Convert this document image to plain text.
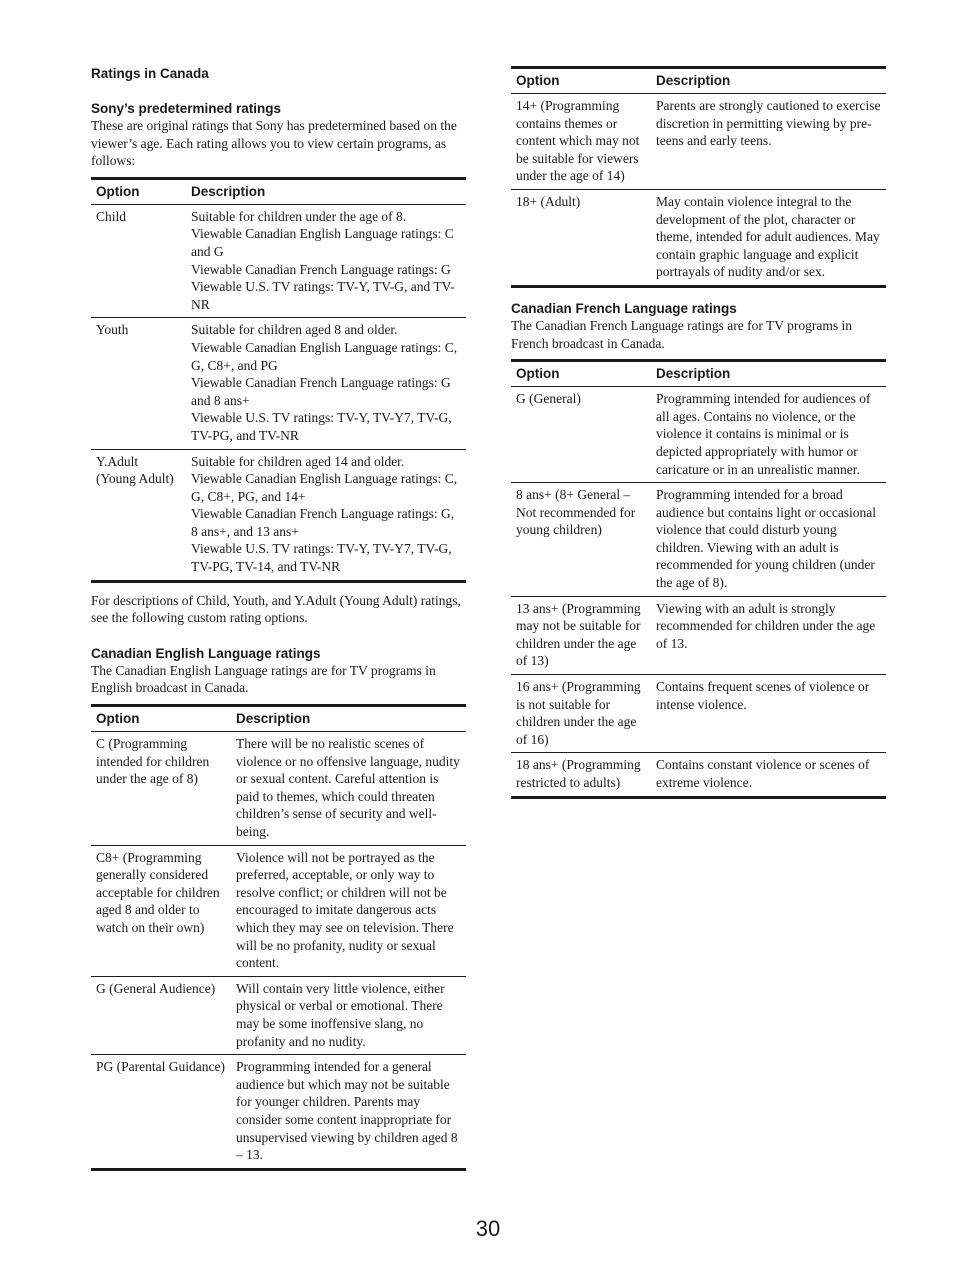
Ratings in Canada
Sony’s predetermined ratings

These are original ratings that Sony has predetermined based on the viewer’s age. Each rating allows you to view certain programs, as follows:

Option	Description
Child	Suitable for children under the age of 8.
Viewable Canadian English Language ratings: C and G
Viewable Canadian French Language ratings: G
Viewable U.S. TV ratings: TV-Y, TV-G, and TV-NR

Youth	Suitable for children aged 8 and older.
Viewable Canadian English Language ratings: C, G, C8+, and PG
Viewable Canadian French Language ratings: G and 8 ans+
Viewable U.S. TV ratings: TV-Y, TV-Y7, TV-G, TV-PG, and TV-NR

Y.Adult (Young Adult)	Suitable for children aged 14 and older.
Viewable Canadian English Language ratings: C, G, C8+, PG, and 14+
Viewable Canadian French Language ratings: G, 8 ans+, and 13 ans+
Viewable U.S. TV ratings: TV-Y, TV-Y7, TV-G, TV-PG, TV-14, and TV-NR

For descriptions of Child, Youth, and Y.Adult (Young Adult) ratings, see the following custom rating options.

Canadian English Language ratings

The Canadian English Language ratings are for TV programs in English broadcast in Canada.

Option	Description
C (Programming intended for children under the age of 8)	There will be no realistic scenes of violence or no offensive language, nudity or sexual content. Careful attention is paid to themes, which could threaten children’s sense of security and well-being.
C8+ (Programming generally considered acceptable for children aged 8 and older to watch on their own)	Violence will not be portrayed as the preferred, acceptable, or only way to resolve conflict; or children will not be encouraged to imitate dangerous acts which they may see on television. There will be no profanity, nudity or sexual content.
G (General Audience)	Will contain very little violence, either physical or verbal or emotional. There may be some inoffensive slang, no profanity and no nudity.
PG (Parental Guidance)	Programming intended for a general audience but which may not be suitable for younger children. Parents may consider some content inappropriate for unsupervised viewing by children aged 8 – 13.
Option	Description
14+ (Programming contains themes or content which may not be suitable for viewers under the age of 14)	Parents are strongly cautioned to exercise discretion in permitting viewing by pre-teens and early teens.
18+ (Adult)	May contain violence integral to the development of the plot, character or theme, intended for adult audiences. May contain graphic language and explicit portrayals of nudity and/or sex.
Canadian French Language ratings

The Canadian French Language ratings are for TV programs in French broadcast in Canada.

Option	Description
G (General)	Programming intended for audiences of all ages. Contains no violence, or the violence it contains is minimal or is depicted appropriately with humor or caricature or in an unrealistic manner.
8 ans+ (8+ General – Not recommended for young children)	Programming intended for a broad audience but contains light or occasional violence that could disturb young children. Viewing with an adult is recommended for young children (under the age of 8).
13 ans+ (Programming may not be suitable for children under the age of 13)	Viewing with an adult is strongly recommended for children under the age of 13.
16 ans+ (Programming is not suitable for children under the age of 16)	Contains frequent scenes of violence or intense violence.
18 ans+ (Programming restricted to adults)	Contains constant violence or scenes of extreme violence.
30
